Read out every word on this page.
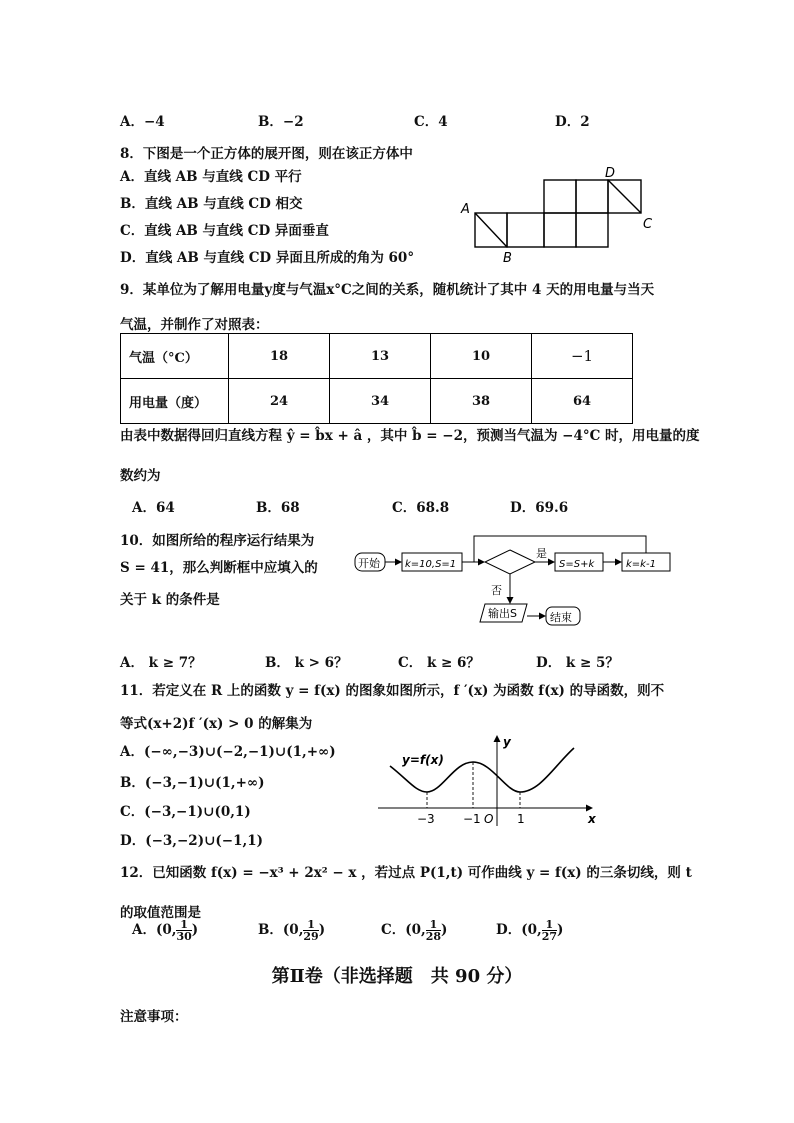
A．−4	B．−2	C．4	D．2
8．下图是一个正方体的展开图，则在该正方体中
A．直线 AB 与直线 CD 平行
B．直线 AB 与直线 CD 相交
C．直线 AB 与直线 CD 异面垂直
D．直线 AB 与直线 CD 异面且所成的角为 60°
A
B
C
D
9．某单位为了解用电量y度与气温x°C之间的关系，随机统计了其中 4 天的用电量与当天
气温，并制作了对照表：
气温（°C）	18	13	10	−1
用电量（度）	24	34	38	64
由表中数据得回归直线方程 ŷ = b̂x + â ，其中 b̂ = −2，预测当气温为 −4°C 时，用电量的度
数约为
A．64	B．68	C．68.8	D．69.6
10．如图所给的程序运行结果为
S = 41，那么判断框中应填入的
关于 k 的条件是
开始	k=10,S=1
是
否
S=S+k	k=k-1
输出S	结束
A． k ≥ 7？	B． k > 6？	C． k ≥ 6？	D． k ≥ 5？
11．若定义在 R 上的函数 y = f(x) 的图象如图所示，f ′(x) 为函数 f(x) 的导函数，则不
等式(x+2)f ′(x) > 0 的解集为
A．(−∞,−3)∪(−2,−1)∪(1,+∞)
B．(−3,−1)∪(1,+∞)
C．(−3,−1)∪(0,1)
D．(−3,−2)∪(−1,1)
y=f(x)
y
x
O
−3 −1	1
12．已知函数 f(x) = −x³ + 2x² − x ，若过点 P(1,t) 可作曲线 y = f(x) 的三条切线，则 t
的取值范围是
A．(0, $\frac{1}{30}$ )	B．(0, $\frac{1}{29}$ )	C．(0, $\frac{1}{28}$ )	D．(0, $\frac{1}{27}$ )
第Ⅱ卷（非选择题　共 90 分）
注意事项：
